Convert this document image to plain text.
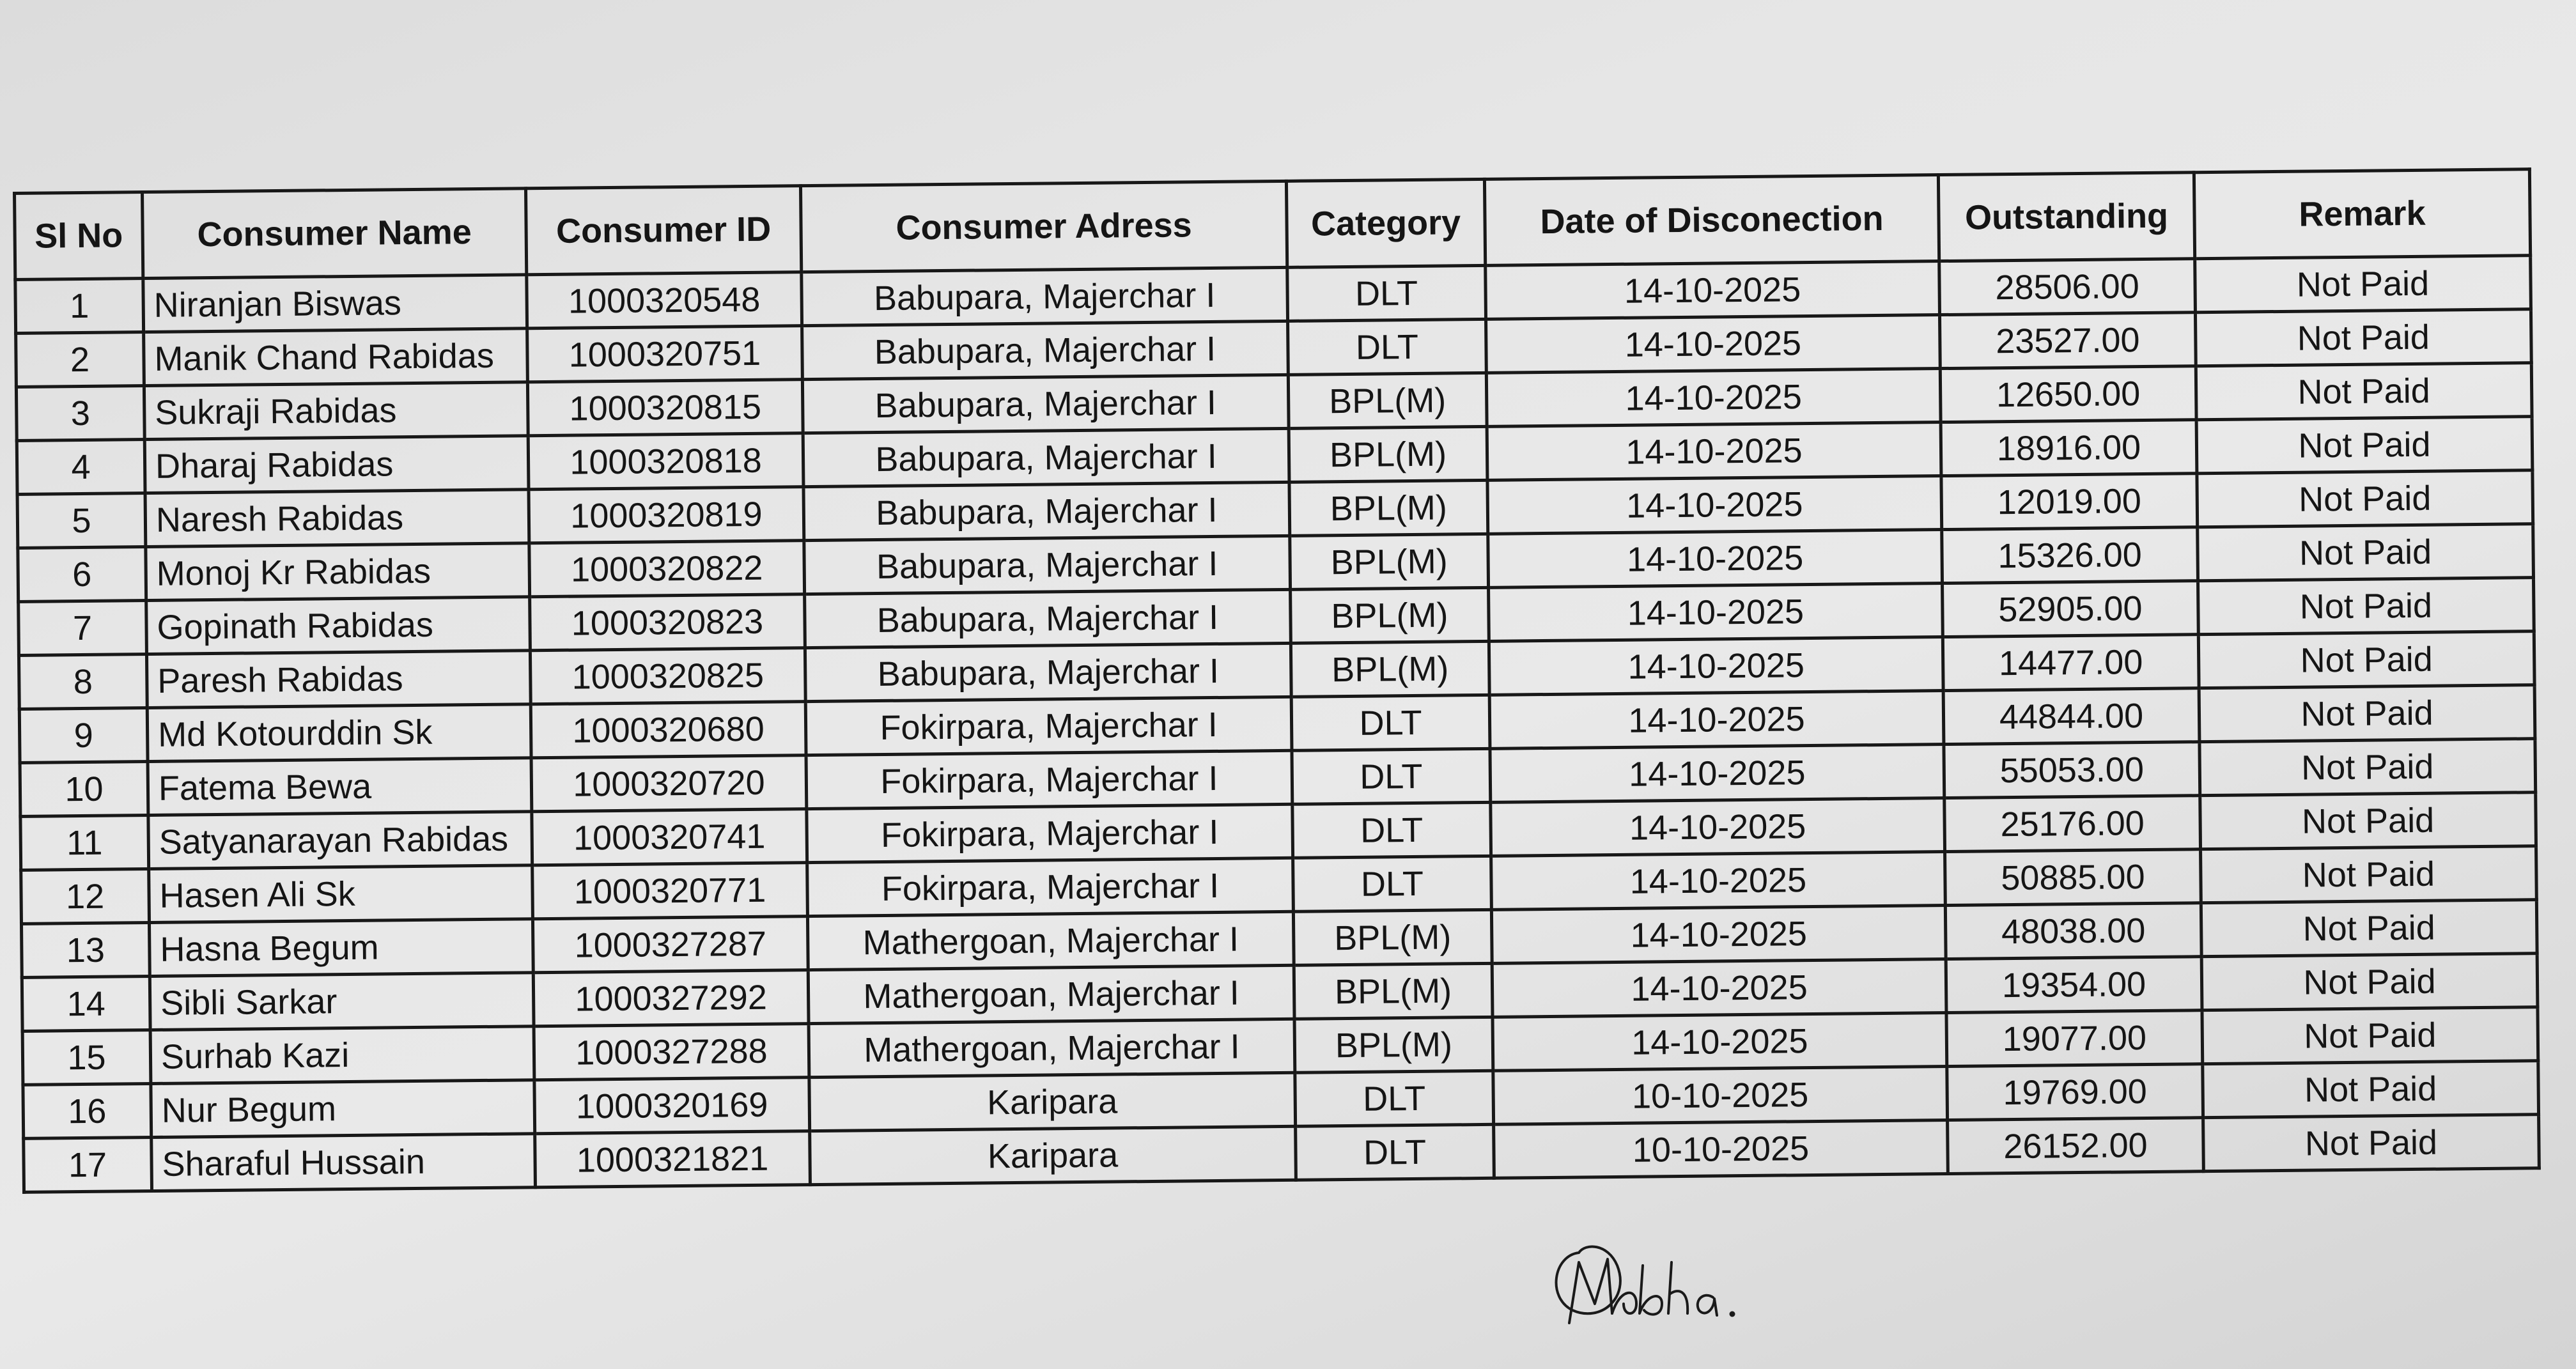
Sl No	Consumer Name	Consumer ID	Consumer Adress	Category	Date of Disconection	Outstanding	Remark
1	Niranjan Biswas	1000320548	Babupara, Majerchar I	DLT	14-10-2025	28506.00	Not Paid
2	Manik Chand Rabidas	1000320751	Babupara, Majerchar I	DLT	14-10-2025	23527.00	Not Paid
3	Sukraji Rabidas	1000320815	Babupara, Majerchar I	BPL(M)	14-10-2025	12650.00	Not Paid
4	Dharaj Rabidas	1000320818	Babupara, Majerchar I	BPL(M)	14-10-2025	18916.00	Not Paid
5	Naresh Rabidas	1000320819	Babupara, Majerchar I	BPL(M)	14-10-2025	12019.00	Not Paid
6	Monoj Kr Rabidas	1000320822	Babupara, Majerchar I	BPL(M)	14-10-2025	15326.00	Not Paid
7	Gopinath Rabidas	1000320823	Babupara, Majerchar I	BPL(M)	14-10-2025	52905.00	Not Paid
8	Paresh Rabidas	1000320825	Babupara, Majerchar I	BPL(M)	14-10-2025	14477.00	Not Paid
9	Md Kotourddin Sk	1000320680	Fokirpara, Majerchar I	DLT	14-10-2025	44844.00	Not Paid
10	Fatema Bewa	1000320720	Fokirpara, Majerchar I	DLT	14-10-2025	55053.00	Not Paid
11	Satyanarayan Rabidas	1000320741	Fokirpara, Majerchar I	DLT	14-10-2025	25176.00	Not Paid
12	Hasen Ali Sk	1000320771	Fokirpara, Majerchar I	DLT	14-10-2025	50885.00	Not Paid
13	Hasna Begum	1000327287	Mathergoan, Majerchar I	BPL(M)	14-10-2025	48038.00	Not Paid
14	Sibli Sarkar	1000327292	Mathergoan, Majerchar I	BPL(M)	14-10-2025	19354.00	Not Paid
15	Surhab Kazi	1000327288	Mathergoan, Majerchar I	BPL(M)	14-10-2025	19077.00	Not Paid
16	Nur Begum	1000320169	Karipara	DLT	10-10-2025	19769.00	Not Paid
17	Sharaful Hussain	1000321821	Karipara	DLT	10-10-2025	26152.00	Not Paid
